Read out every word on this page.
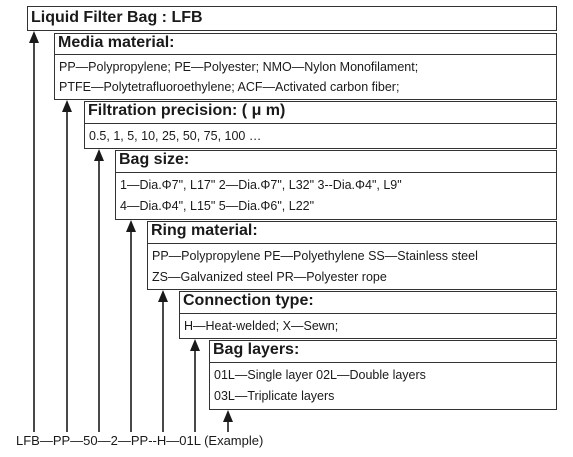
Liquid Filter Bag : LFB
Media material:
PP—Polypropylene; PE—Polyester; NMO—Nylon Monofilament;
PTFE—Polytetrafluoroethylene; ACF—Activated carbon fiber;
Filtration precision: ( μ m)
0.5, 1, 5, 10, 25, 50, 75, 100 …
Bag size:
1—Dia.Φ7", L17" 2—Dia.Φ7", L32" 3--Dia.Φ4", L9"
4—Dia.Φ4", L15" 5—Dia.Φ6", L22"
Ring material:
PP—Polypropylene PE—Polyethylene SS—Stainless steel
ZS—Galvanized steel PR—Polyester rope
Connection type:
H—Heat-welded; X—Sewn;
Bag layers:
01L—Single layer 02L—Double layers
03L—Triplicate layers
LFB—PP—50—2—PP--H—01L (Example)
